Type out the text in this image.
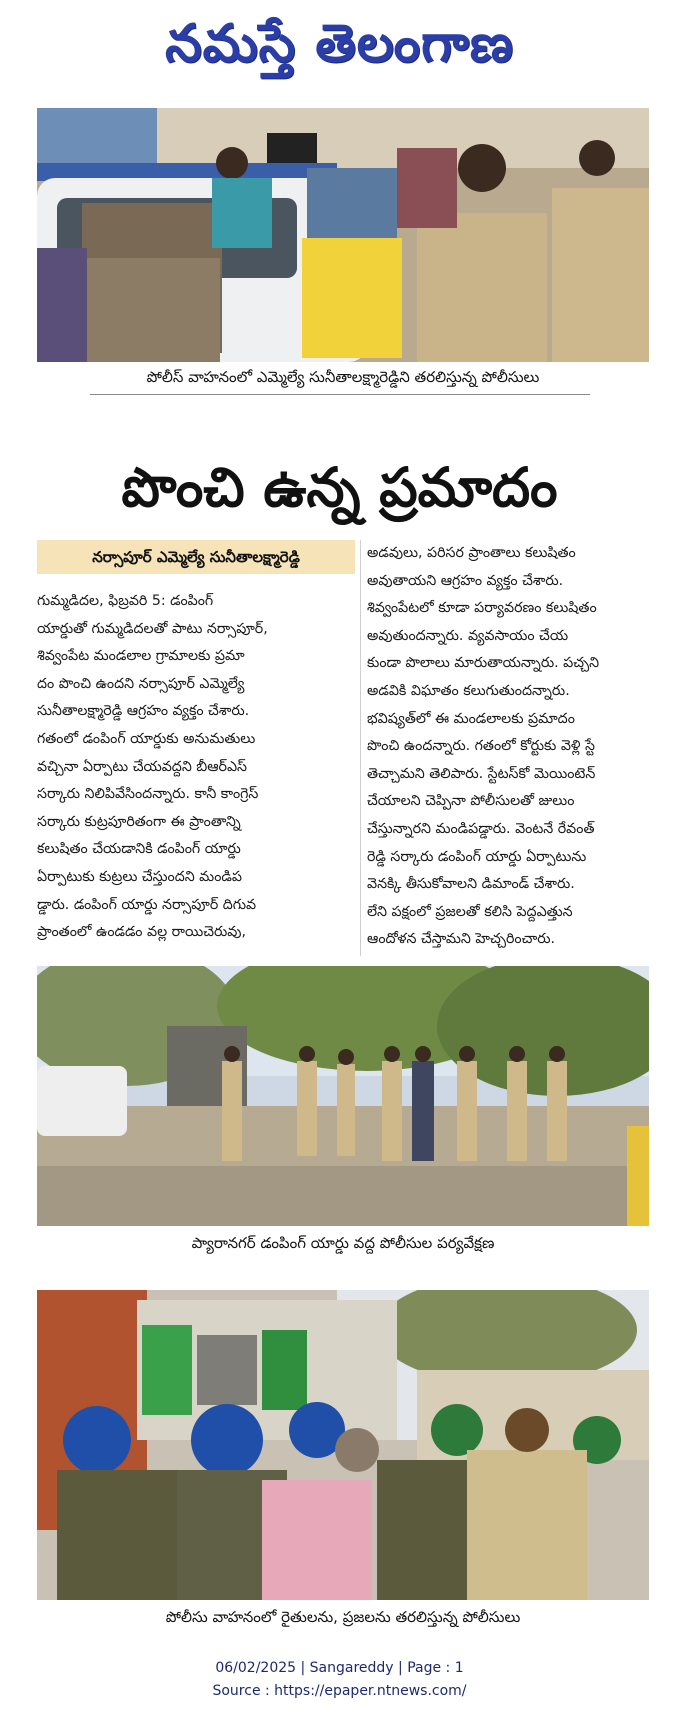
నమస్తే తెలంగాణ
పోలీస్ వాహనంలో ఎమ్మెల్యే సునీతాలక్ష్మారెడ్డిని తరలిస్తున్న పోలీసులు
పొంచి ఉన్న ప్రమాదం
నర్సాపూర్ ఎమ్మెల్యే సునీతాలక్ష్మారెడ్డి
గుమ్మడిదల, ఫిబ్రవరి 5: డంపింగ్
యార్డుతో గుమ్మడిదలతో పాటు నర్సాపూర్,
శివ్వంపేట మండలాల గ్రామాలకు ప్రమా
దం పొంచి ఉందని నర్సాపూర్ ఎమ్మెల్యే
సునీతాలక్ష్మారెడ్డి ఆగ్రహం వ్యక్తం చేశారు.
గతంలో డంపింగ్ యార్డుకు అనుమతులు
వచ్చినా ఏర్పాటు చేయవద్దని బీఆర్ఎస్
సర్కారు నిలిపివేసిందన్నారు. కానీ కాంగ్రెస్
సర్కారు కుట్రపూరితంగా ఈ ప్రాంతాన్ని
కలుషితం చేయడానికి డంపింగ్ యార్డు
ఏర్పాటుకు కుట్రలు చేస్తుందని మండిప
డ్డారు. డంపింగ్ యార్డు నర్సాపూర్ దిగువ
ప్రాంతంలో ఉండడం వల్ల రాయిచెరువు,
అడవులు, పరిసర ప్రాంతాలు కలుషితం
అవుతాయని ఆగ్రహం వ్యక్తం చేశారు.
శివ్వంపేటలో కూడా పర్యావరణం కలుషితం
అవుతుందన్నారు. వ్యవసాయం చేయ
కుండా పొలాలు మారుతాయన్నారు. పచ్చని
అడవికి విఘాతం కలుగుతుందన్నారు.
భవిష్యత్‌లో ఈ మండలాలకు ప్రమాదం
పొంచి ఉందన్నారు. గతంలో కోర్టుకు వెళ్లి స్టే
తెచ్చామని తెలిపారు. స్టేటస్‌కో మెయింటెన్
చేయాలని చెప్పినా పోలీసులతో జులుం
చేస్తున్నారని మండిపడ్డారు. వెంటనే రేవంత్
రెడ్డి సర్కారు డంపింగ్ యార్డు ఏర్పాటును
వెనక్కి తీసుకోవాలని డిమాండ్ చేశారు.
లేని పక్షంలో ప్రజలతో కలిసి పెద్దఎత్తున
ఆందోళన చేస్తామని హెచ్చరించారు.
ప్యారానగర్ డంపింగ్ యార్డు వద్ద పోలీసుల పర్యవేక్షణ
పోలీసు వాహనంలో రైతులను, ప్రజలను తరలిస్తున్న పోలీసులు
06/02/2025 | Sangareddy | Page : 1
Source : https://epaper.ntnews.com/
